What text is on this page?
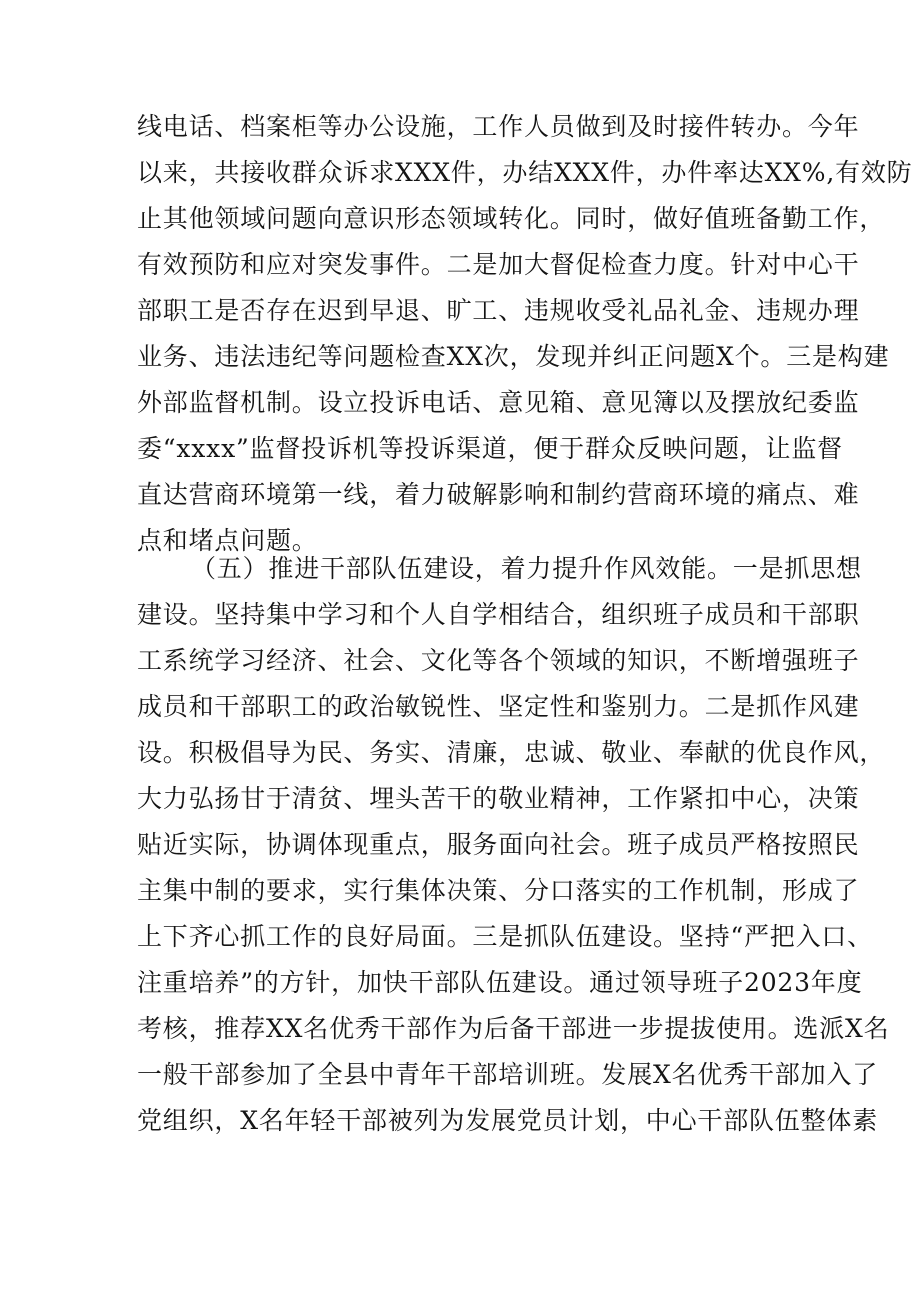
线电话、档案柜等办公设施，工作人员做到及时接件转办。今年
以来，共接收群众诉求XXX件，办结XXX件，办件率达XX%,有效防
止其他领域问题向意识形态领域转化。同时，做好值班备勤工作，
有效预防和应对突发事件。二是加大督促检查力度。针对中心干
部职工是否存在迟到早退、旷工、违规收受礼品礼金、违规办理
业务、违法违纪等问题检查XX次，发现并纠正问题X个。三是构建
外部监督机制。设立投诉电话、意见箱、意见簿以及摆放纪委监
委“xxxx”监督投诉机等投诉渠道，便于群众反映问题，让监督
直达营商环境第一线，着力破解影响和制约营商环境的痛点、难
点和堵点问题。
（五）推进干部队伍建设，着力提升作风效能。一是抓思想
建设。坚持集中学习和个人自学相结合，组织班子成员和干部职
工系统学习经济、社会、文化等各个领域的知识，不断增强班子
成员和干部职工的政治敏锐性、坚定性和鉴别力。二是抓作风建
设。积极倡导为民、务实、清廉，忠诚、敬业、奉献的优良作风，
大力弘扬甘于清贫、埋头苦干的敬业精神，工作紧扣中心，决策
贴近实际，协调体现重点，服务面向社会。班子成员严格按照民
主集中制的要求，实行集体决策、分口落实的工作机制，形成了
上下齐心抓工作的良好局面。三是抓队伍建设。坚持“严把入口、
注重培养”的方针，加快干部队伍建设。通过领导班子2023年度
考核，推荐XX名优秀干部作为后备干部进一步提拔使用。选派X名
一般干部参加了全县中青年干部培训班。发展X名优秀干部加入了
党组织，X名年轻干部被列为发展党员计划，中心干部队伍整体素
